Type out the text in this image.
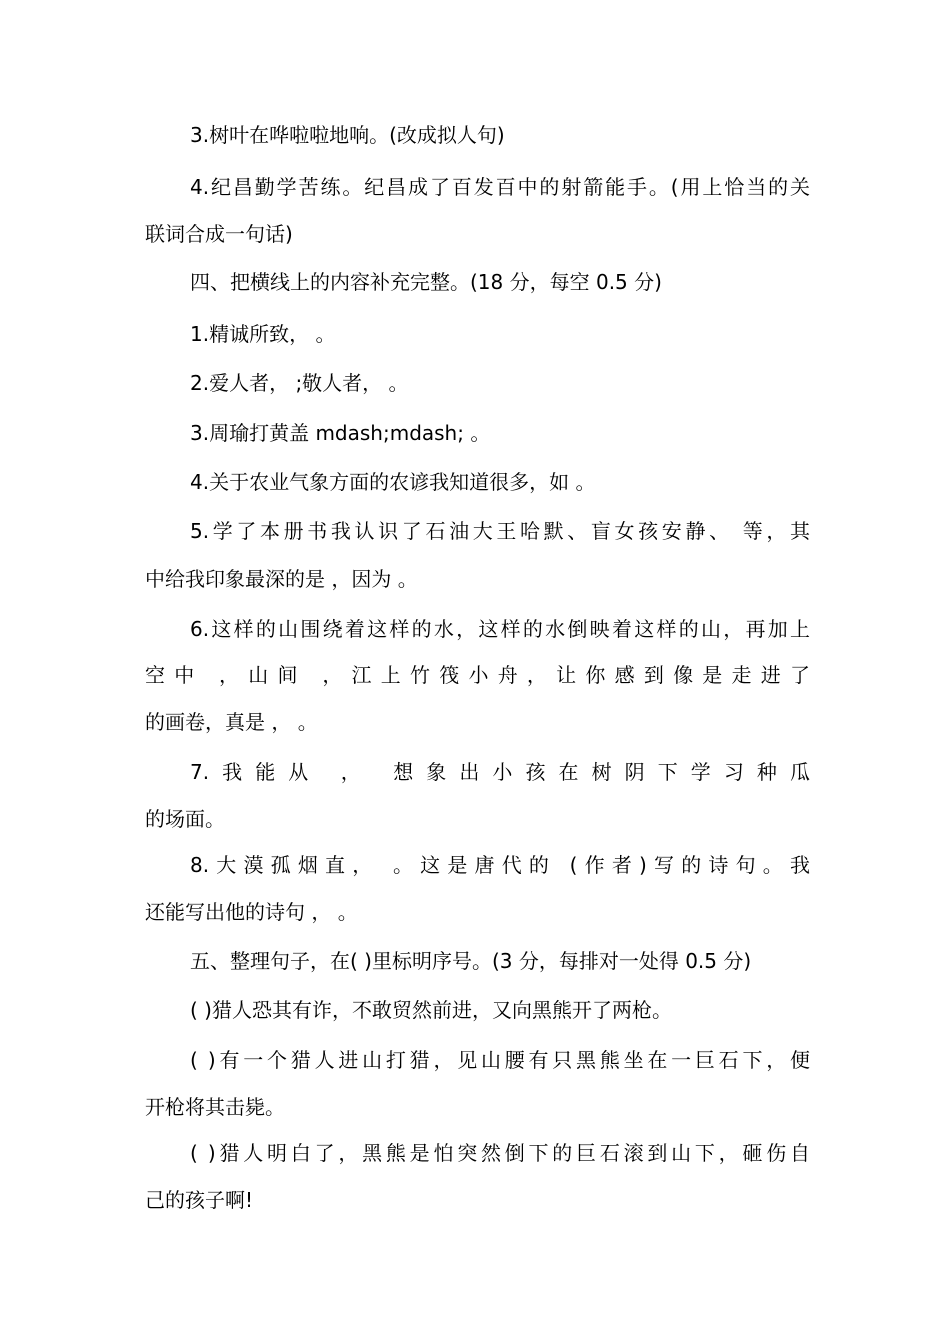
3.树叶在哗啦啦地响。(改成拟人句)
4.纪昌勤学苦练。纪昌成了百发百中的射箭能手。(用上恰当的关
联词合成一句话)
四、把横线上的内容补充完整。(18 分，每空 0.5 分)
1.精诚所致， 。
2.爱人者， ;敬人者， 。
3.周瑜打黄盖 mdash;mdash; 。
4.关于农业气象方面的农谚我知道很多，如 。
5.学了本册书我认识了石油大王哈默、盲女孩安静、 等，其
中给我印象最深的是 ，因为 。
6.这样的山围绕着这样的水，这样的水倒映着这样的山，再加上
空中 ，山间 ，江上竹筏小舟，让你感到像是走进了
的画卷，真是 ， 。
7.我能从 ， 想象出小孩在树阴下学习种瓜
的场面。
8.大漠孤烟直， 。这是唐代的 (作者)写的诗句。我
还能写出他的诗句 ， 。
五、整理句子，在( )里标明序号。(3 分，每排对一处得 0.5 分)
( )猎人恐其有诈，不敢贸然前进，又向黑熊开了两枪。
( )有一个猎人进山打猎，见山腰有只黑熊坐在一巨石下，便
开枪将其击毙。
( )猎人明白了，黑熊是怕突然倒下的巨石滚到山下，砸伤自
己的孩子啊!
